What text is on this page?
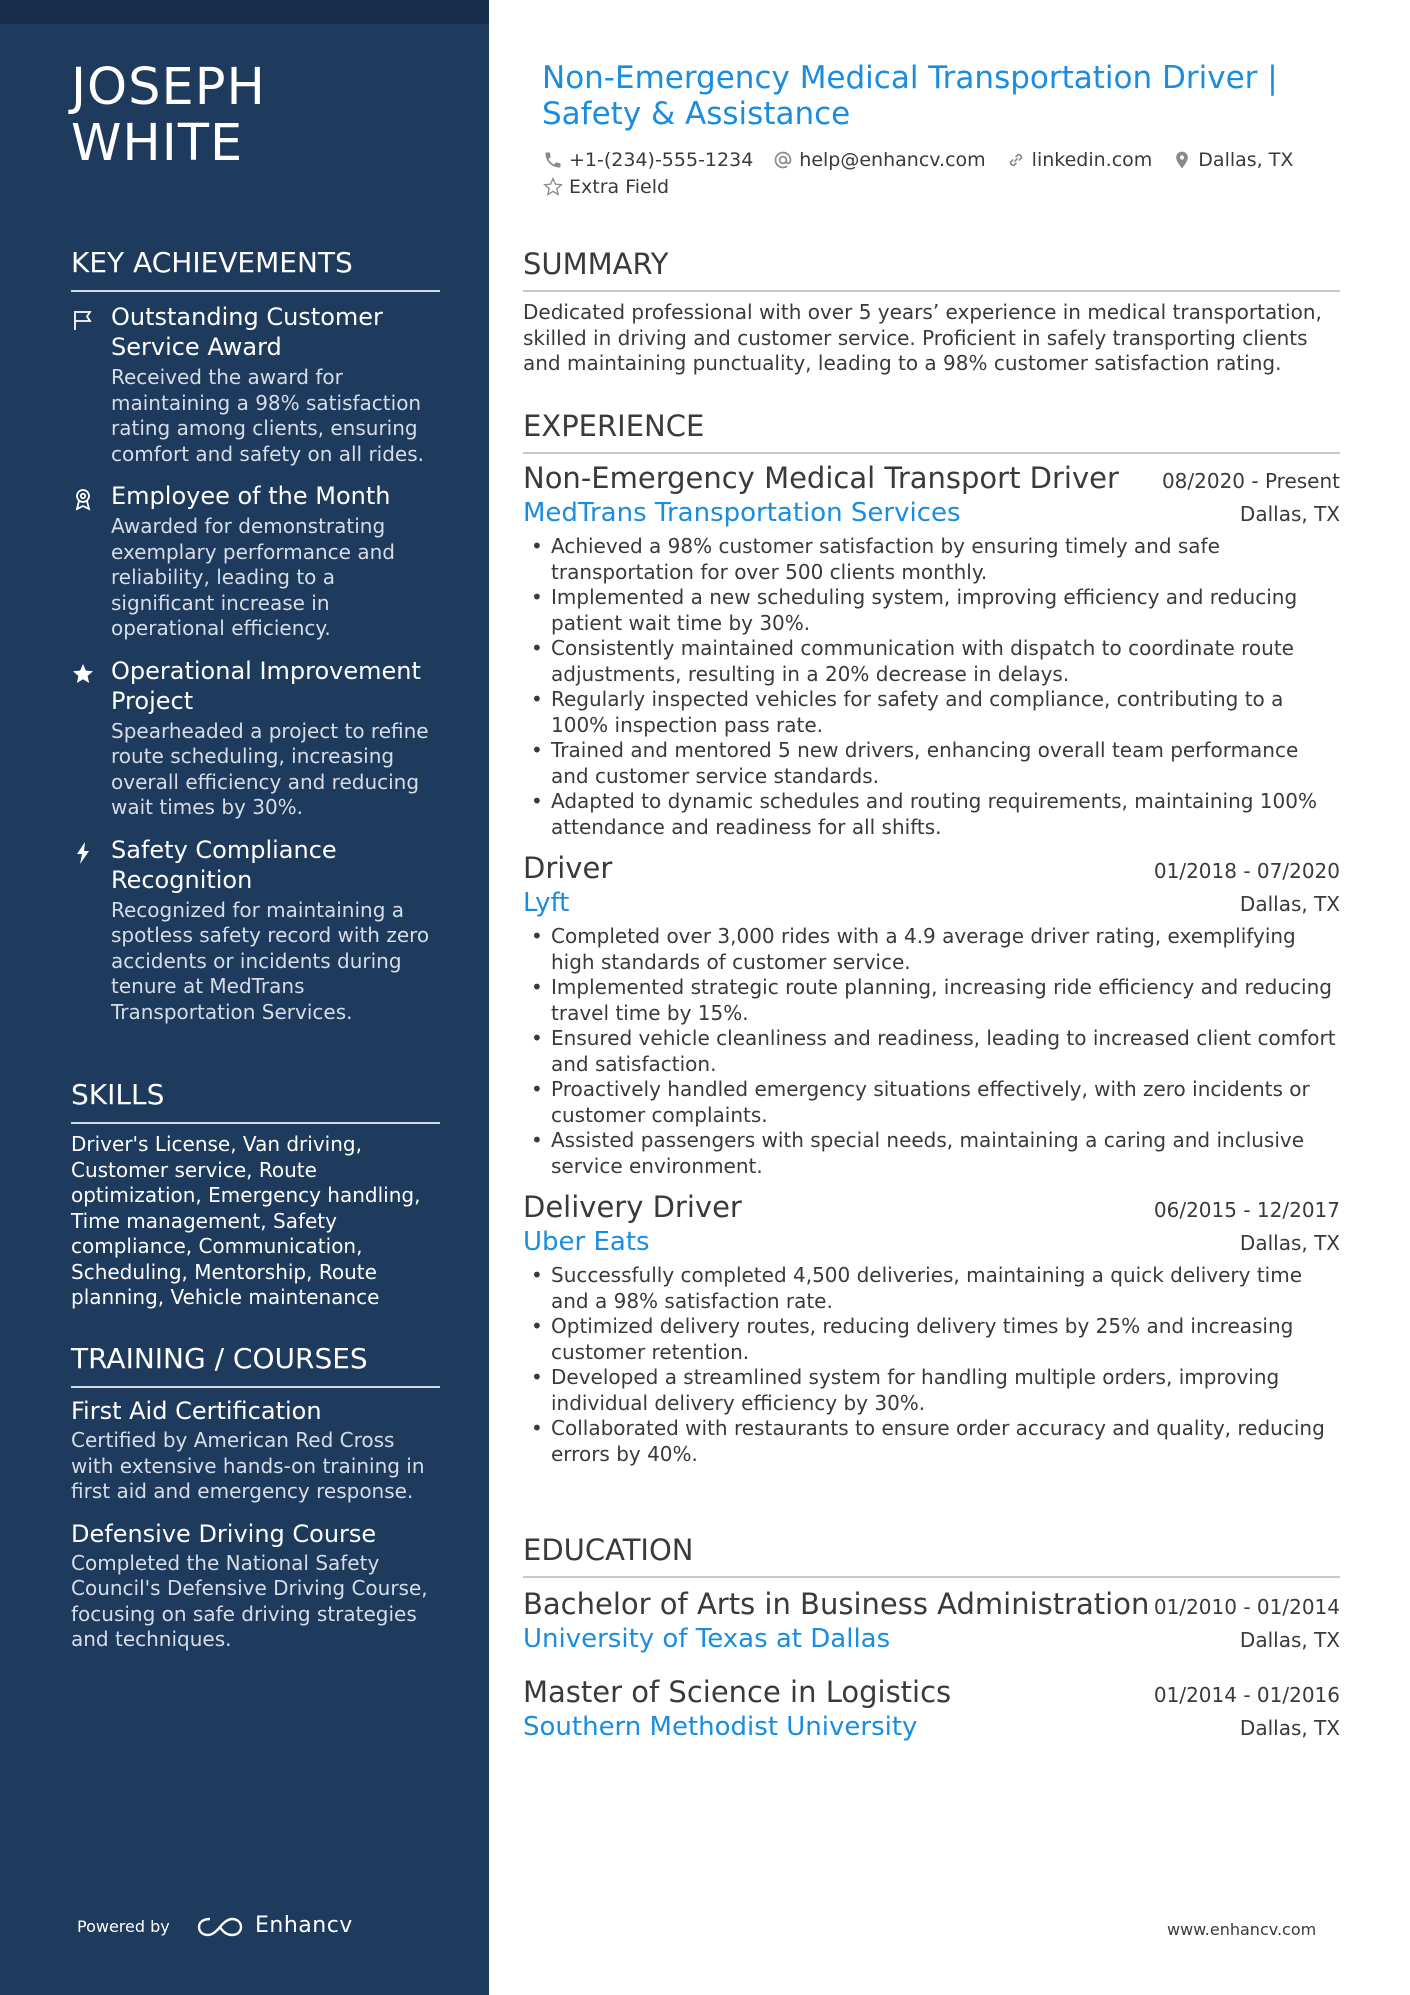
JOSEPH
WHITE
KEY ACHIEVEMENTS
Outstanding Customer Service Award
Received the award for maintaining a 98% satisfaction rating among clients, ensuring comfort and safety on all rides.
Employee of the Month
Awarded for demonstrating exemplary performance and reliability, leading to a significant increase in operational efficiency.
Operational Improvement Project
Spearheaded a project to refine route scheduling, increasing overall efficiency and reducing wait times by 30%.
Safety Compliance Recognition
Recognized for maintaining a spotless safety record with zero accidents or incidents during tenure at MedTrans Transportation Services.
SKILLS
Driver's License, Van driving, Customer service, Route optimization, Emergency handling, Time management, Safety compliance, Communication, Scheduling, Mentorship, Route planning, Vehicle maintenance
TRAINING / COURSES
First Aid Certification
Certified by American Red Cross with extensive hands-on training in first aid and emergency response.
Defensive Driving Course
Completed the National Safety Council's Defensive Driving Course, focusing on safe driving strategies and techniques.
Powered by	Enhancv
Non-Emergency Medical Transportation Driver | Safety & Assistance
+1-(234)-555-1234 help@enhancv.com linkedin.com Dallas, TX
Extra Field
SUMMARY
Dedicated professional with over 5 years’ experience in medical transportation, skilled in driving and customer service. Proficient in safely transporting clients and maintaining punctuality, leading to a 98% customer satisfaction rating.
EXPERIENCE
Non-Emergency Medical Transport Driver 08/2020 - Present
MedTrans Transportation Services	Dallas, TX
• Achieved a 98% customer satisfaction by ensuring timely and safe transportation for over 500 clients monthly.
• Implemented a new scheduling system, improving efficiency and reducing patient wait time by 30%.
• Consistently maintained communication with dispatch to coordinate route adjustments, resulting in a 20% decrease in delays.
• Regularly inspected vehicles for safety and compliance, contributing to a 100% inspection pass rate.
• Trained and mentored 5 new drivers, enhancing overall team performance and customer service standards.
• Adapted to dynamic schedules and routing requirements, maintaining 100% attendance and readiness for all shifts.
Driver	01/2018 - 07/2020
Lyft	Dallas, TX
• Completed over 3,000 rides with a 4.9 average driver rating, exemplifying high standards of customer service.
• Implemented strategic route planning, increasing ride efficiency and reducing travel time by 15%.
• Ensured vehicle cleanliness and readiness, leading to increased client comfort and satisfaction.
• Proactively handled emergency situations effectively, with zero incidents or customer complaints.
• Assisted passengers with special needs, maintaining a caring and inclusive service environment.
Delivery Driver	06/2015 - 12/2017
Uber Eats	Dallas, TX
• Successfully completed 4,500 deliveries, maintaining a quick delivery time and a 98% satisfaction rate.
• Optimized delivery routes, reducing delivery times by 25% and increasing customer retention.
• Developed a streamlined system for handling multiple orders, improving individual delivery efficiency by 30%.
• Collaborated with restaurants to ensure order accuracy and quality, reducing errors by 40%.
EDUCATION
Bachelor of Arts in Business Administration 01/2010 - 01/2014
University of Texas at Dallas	Dallas, TX
Master of Science in Logistics	01/2014 - 01/2016
Southern Methodist University	Dallas, TX
www.enhancv.com
